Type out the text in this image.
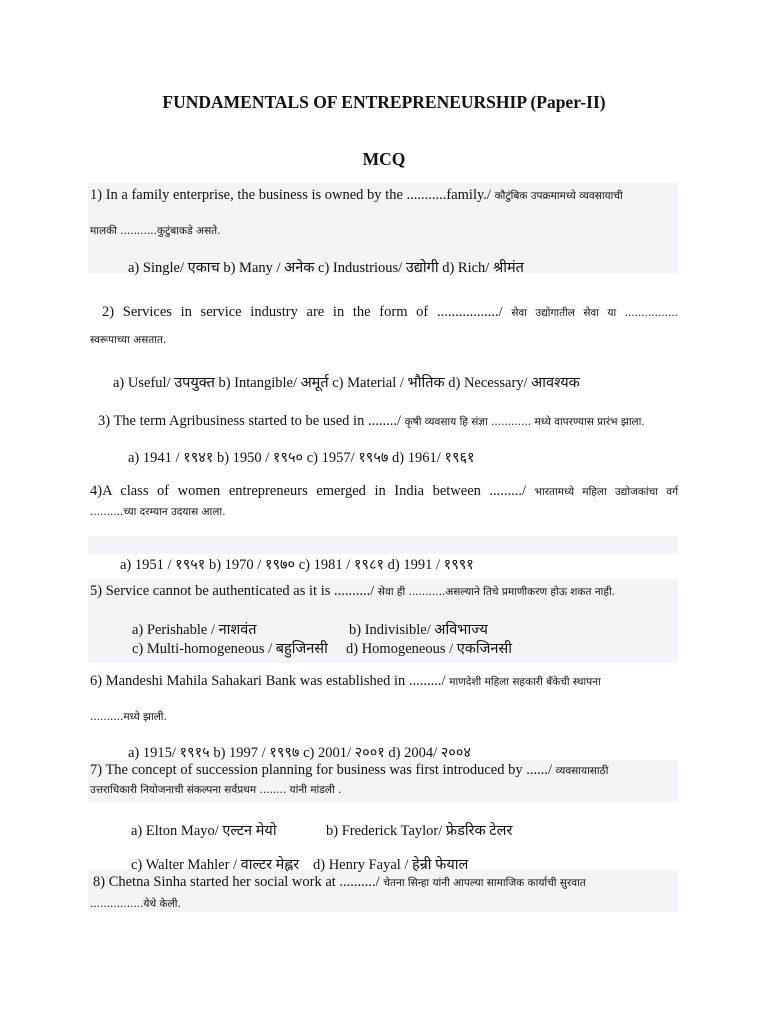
FUNDAMENTALS OF ENTREPRENEURSHIP (Paper-II)
MCQ
1) In a family enterprise, the business is owned by the ...........family./ कौटुंबिक उपक्रमामध्ये व्यवसायाची
मालकी ...........कुटुंबाकडे असते.
a) Single/ एकाच b) Many / अनेक c) Industrious/ उद्योगी d) Rich/ श्रीमंत
2) Services in service industry are in the form of ................./ सेवा उद्योगातील सेवा या ................
स्वरूपाच्या असतात.
a) Useful/ उपयुक्त b) Intangible/ अमूर्त c) Material / भौतिक d) Necessary/ आवश्यक
3) The term Agribusiness started to be used in ......../ कृषी व्यवसाय हि संज्ञा ............ मध्ये वापरण्यास प्रारंभ झाला.
a) 1941 / १९४१ b) 1950 / १९५० c) 1957/ १९५७ d) 1961/ १९६१
4)A class of women entrepreneurs emerged in India between ........./ भारतामध्ये महिला उद्योजकांचा वर्ग
..........च्या दरम्यान उदयास आला.
a) 1951 / १९५१ b) 1970 / १९७० c) 1981 / १९८१ d) 1991 / १९९१
5) Service cannot be authenticated as it is ........../ सेवा ही ...........असल्याने तिचे प्रमाणीकरण होऊ शकत नाही.
a) Perishable / नाशवंत	b) Indivisible/ अविभाज्य
c) Multi-homogeneous / बहुजिनसी d) Homogeneous / एकजिनसी
6) Mandeshi Mahila Sahakari Bank was established in ........./ माणदेशी महिला सहकारी बँकेची स्थापना
..........मध्ये झाली.
a) 1915/ १९१५ b) 1997 / १९९७ c) 2001/ २००१ d) 2004/ २००४
7) The concept of succession planning for business was first introduced by ....../ व्यवसायासाठी
उत्तराधिकारी नियोजनाची संकल्पना सर्वप्रथम ........ यांनी मांडली .
a) Elton Mayo/ एल्टन मेयो	b) Frederick Taylor/ फ्रेडरिक टेलर
c) Walter Mahler / वाल्टर मेह्लर d) Henry Fayal / हेन्री फेयाल
8) Chetna Sinha started her social work at ........../ चेतना सिन्हा यांनी आपल्या सामाजिक कार्याची सुरवात
................येथे केली.
